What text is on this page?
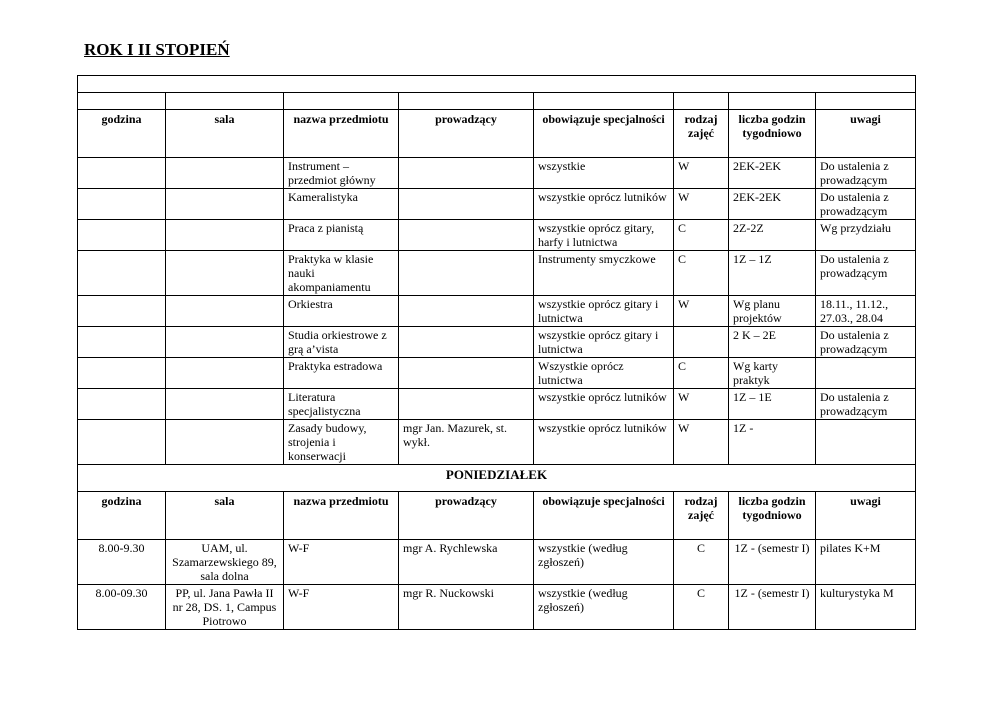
ROK I II STOPIEŃ

godzina	sala	nazwa przedmiotu	prowadzący	obowiązuje specjalności	rodzaj zajęć	liczba godzin tygodniowo	uwagi
		Instrument – przedmiot główny		wszystkie	W	2EK-2EK	Do ustalenia z prowadzącym
		Kameralistyka		wszystkie oprócz lutników	W	2EK-2EK	Do ustalenia z prowadzącym
		Praca z pianistą		wszystkie oprócz gitary, harfy i lutnictwa	C	2Z-2Z	Wg przydziału
		Praktyka w klasie nauki akompaniamentu		Instrumenty smyczkowe	C	1Z – 1Z	Do ustalenia z prowadzącym
		Orkiestra		wszystkie oprócz gitary i lutnictwa	W	Wg planu projektów	18.11., 11.12., 27.03., 28.04
		Studia orkiestrowe z grą a’vista		wszystkie oprócz gitary i lutnictwa		2 K – 2E	Do ustalenia z prowadzącym
		Praktyka estradowa		Wszystkie oprócz lutnictwa	C	Wg karty praktyk	
		Literatura specjalistyczna		wszystkie oprócz lutników	W	1Z – 1E	Do ustalenia z prowadzącym
		Zasady budowy, strojenia i konserwacji	mgr Jan. Mazurek, st. wykł.	wszystkie oprócz lutników	W	1Z -	
PONIEDZIAŁEK							
godzina	sala	nazwa przedmiotu	prowadzący	obowiązuje specjalności	rodzaj zajęć	liczba godzin tygodniowo	uwagi
8.00-9.30	UAM, ul. Szamarzewskiego 89, sala dolna	W-F	mgr A. Rychlewska	wszystkie (według zgłoszeń)	C	1Z - (semestr I)	pilates K+M
8.00-09.30	PP, ul. Jana Pawła II nr 28, DS. 1, Campus Piotrowo	W-F	mgr R. Nuckowski	wszystkie (według zgłoszeń)	C	1Z - (semestr I)	kulturystyka M
